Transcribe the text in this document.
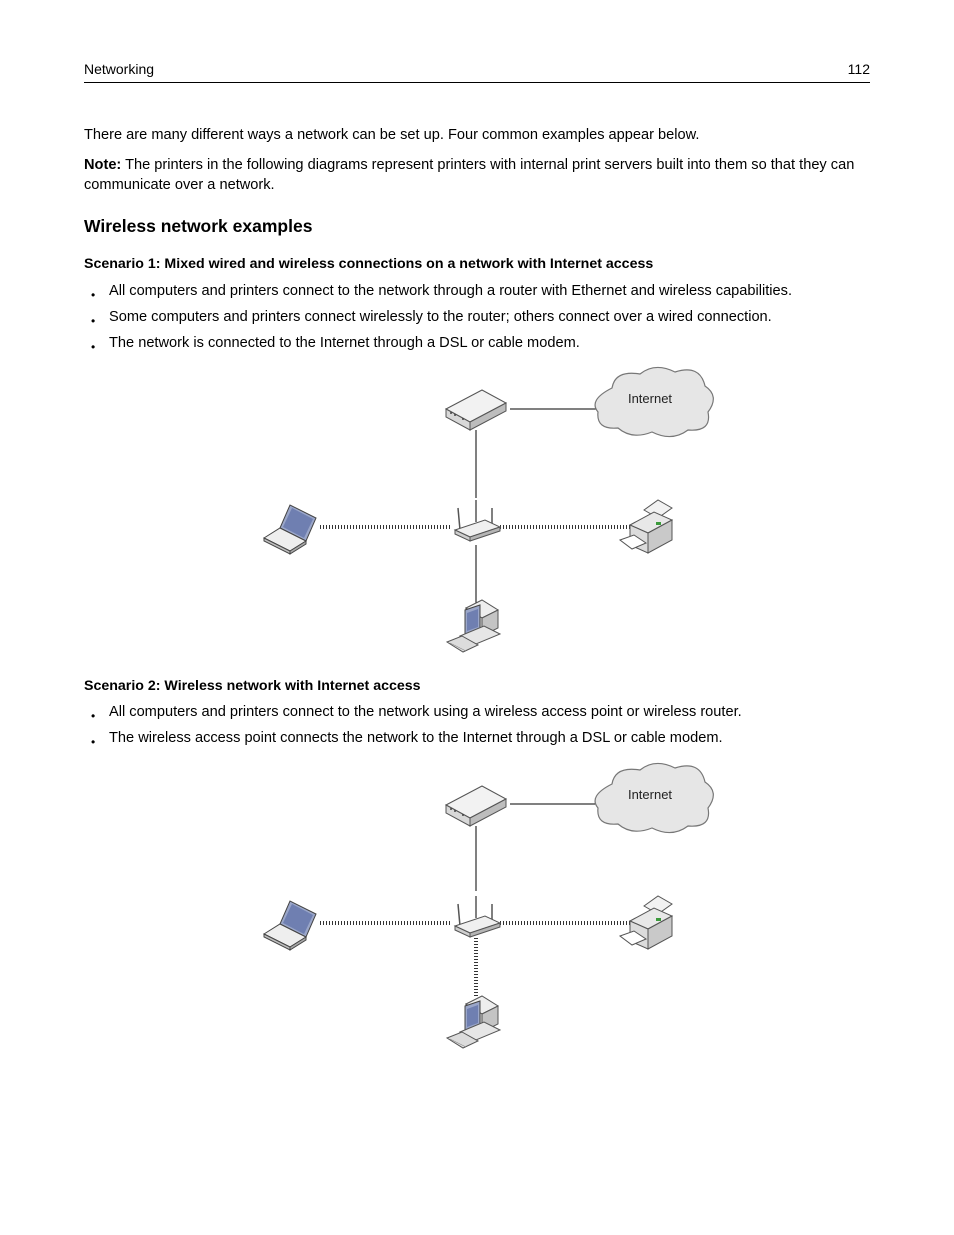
Networking	112
There are many different ways a network can be set up. Four common examples appear below.
Note: The printers in the following diagrams represent printers with internal print servers built into them so that they can communicate over a network.
Wireless network examples
Scenario 1: Mixed wired and wireless connections on a network with Internet access
• All computers and printers connect to the network through a router with Ethernet and wireless capabilities.
• Some computers and printers connect wirelessly to the router; others connect over a wired connection.
• The network is connected to the Internet through a DSL or cable modem.
Internet
Scenario 2: Wireless network with Internet access
• All computers and printers connect to the network using a wireless access point or wireless router.
• The wireless access point connects the network to the Internet through a DSL or cable modem.
Internet
